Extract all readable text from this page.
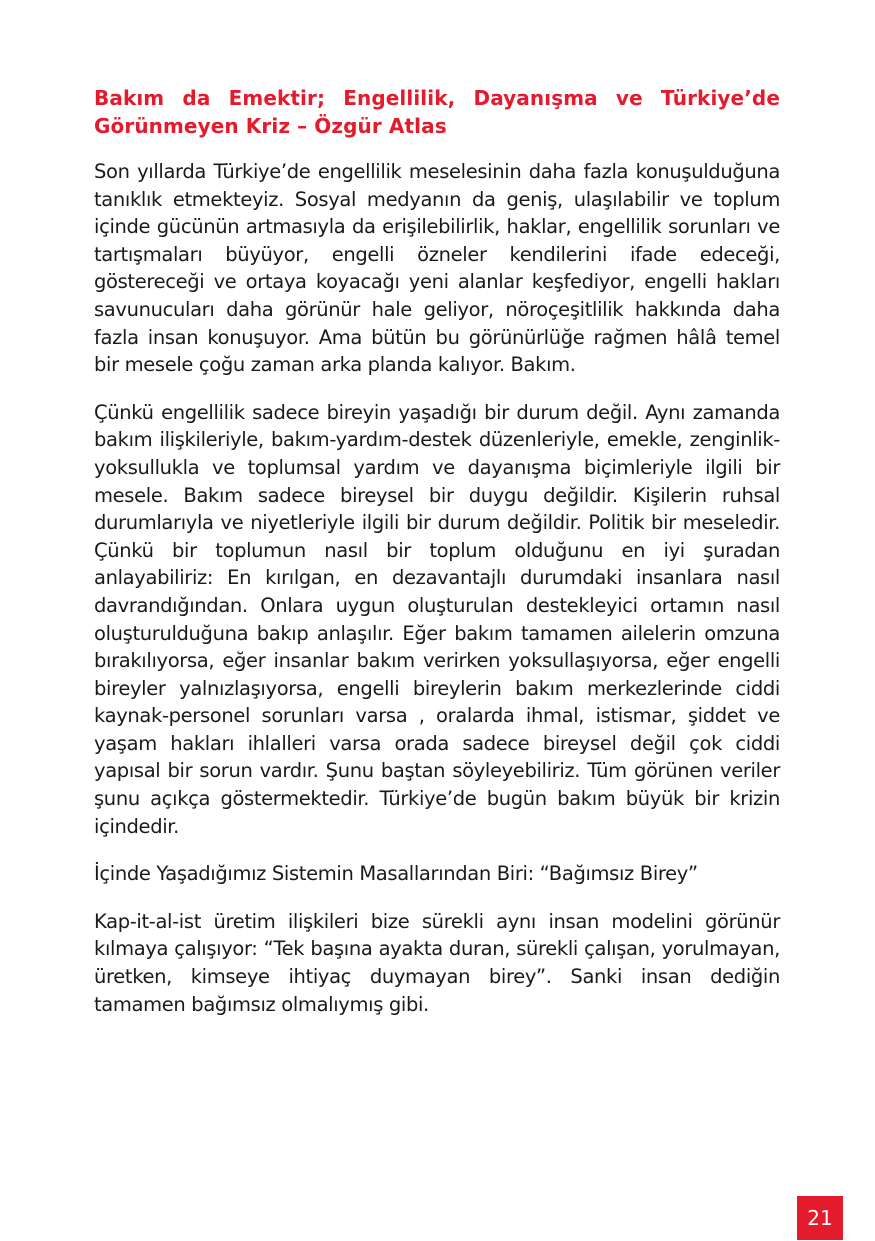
Bakım da Emektir; Engellilik, Dayanışma ve Türkiye’de Görünmeyen Kriz – Özgür Atlas

Son yıllarda Türkiye’de engellilik meselesinin daha fazla konuşulduğuna tanıklık etmekteyiz. Sosyal medyanın da geniş, ulaşılabilir ve toplum içinde gücünün artmasıyla da erişilebilirlik, haklar, engellilik sorunları ve tartışmaları büyüyor, engelli özneler kendilerini ifade edeceği, göstereceği ve ortaya koyacağı yeni alanlar keşfediyor, engelli hakları savunucuları daha görünür hale geliyor, nöroçeşitlilik hakkında daha fazla insan konuşuyor. Ama bütün bu görünürlüğe rağmen hâlâ temel bir mesele çoğu zaman arka planda kalıyor. Bakım.

Çünkü engellilik sadece bireyin yaşadığı bir durum değil. Aynı zamanda bakım ilişkileriyle, bakım-yardım-destek düzenleriyle, emekle, zenginlik-yoksullukla ve toplumsal yardım ve dayanışma biçimleriyle ilgili bir mesele. Bakım sadece bireysel bir duygu değildir. Kişilerin ruhsal durumlarıyla ve niyetleriyle ilgili bir durum değildir. Politik bir meseledir. Çünkü bir toplumun nasıl bir toplum olduğunu en iyi şuradan anlayabiliriz: En kırılgan, en dezavantajlı durumdaki insanlara nasıl davrandığından. Onlara uygun oluşturulan destekleyici ortamın nasıl oluşturulduğuna bakıp anlaşılır. Eğer bakım tamamen ailelerin omzuna bırakılıyorsa, eğer insanlar bakım verirken yoksullaşıyorsa, eğer engelli bireyler yalnızlaşıyorsa, engelli bireylerin bakım merkezlerinde ciddi kaynak-personel sorunları varsa , oralarda ihmal, istismar, şiddet ve yaşam hakları ihlalleri varsa orada sadece bireysel değil çok ciddi yapısal bir sorun vardır. Şunu baştan söyleyebiliriz. Tüm görünen veriler şunu açıkça göstermektedir. Türkiye’de bugün bakım büyük bir krizin içindedir.

İçinde Yaşadığımız Sistemin Masallarından Biri: “Bağımsız Birey”

Kap-it-al-ist üretim ilişkileri bize sürekli aynı insan modelini görünür kılmaya çalışıyor: “Tek başına ayakta duran, sürekli çalışan, yorulmayan, üretken, kimseye ihtiyaç duymayan birey”. Sanki insan dediğin tamamen bağımsız olmalıymış gibi.

21
